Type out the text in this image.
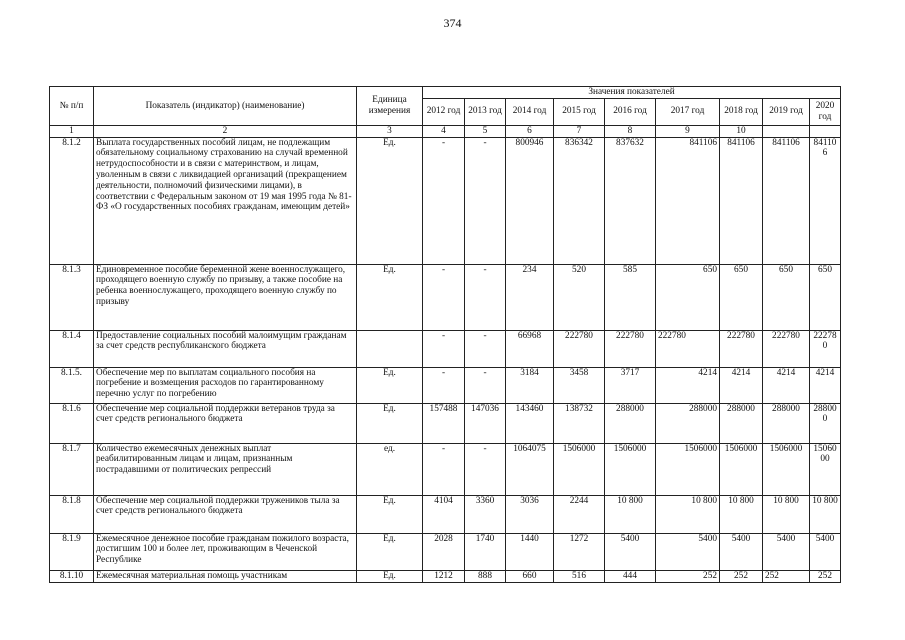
374
№ п/п	Показатель (индикатор) (наименование)	Единица измерения	Значения показателей								
			2012 год	2013 год	2014 год	2015 год	2016 год	2017 год	2018 год	2019 год	2020 год
1	2	3	4	5	6	7	8	9	10		
8.1.2	Выплата государственных пособий лицам, не подлежащим обязательному социальному страхованию на случай временной нетрудоспособности и в связи с материнством, и лицам, уволенным в связи с ликвидацией организаций (прекращением деятельности, полномочий физическими лицами), в соответствии с Федеральным законом от 19 мая 1995 года № 81-ФЗ «О государственных пособиях гражданам, имеющим детей»	Ед.	-	-	800946	836342	837632	841106	841106	841106	841106
8.1.3	Единовременное пособие беременной жене военнослужащего, проходящего военную службу по призыву, а также пособие на ребенка военнослужащего, проходящего военную службу по призыву	Ед.	-	-	234	520	585	650	650	650	650
8.1.4	Предоставление социальных пособий малоимущим гражданам за счет средств республиканского бюджета		-	-	66968	222780	222780	222780	222780	222780	222780
8.1.5.	Обеспечение мер по выплатам социального пособия на погребение и возмещения расходов по гарантированному перечню услуг по погребению	Ед.	-	-	3184	3458	3717	4214	4214	4214	4214
8.1.6	Обеспечение мер социальной поддержки ветеранов труда за счет средств регионального бюджета	Ед.	157488	147036	143460	138732	288000	288000	288000	288000	288000
8.1.7	Количество ежемесячных денежных выплат реабилитированным лицам и лицам, признанным пострадавшими от политических репрессий	ед.	-	-	1064075	1506000	1506000	1506000	1506000	1506000	1506000
8.1.8	Обеспечение мер социальной поддержки тружеников тыла за счет средств регионального бюджета	Ед.	4104	3360	3036	2244	10 800	10 800	10 800	10 800	10 800
8.1.9	Ежемесячное денежное пособие гражданам пожилого возраста, достигшим 100 и более лет, проживающим в Чеченской Республике	Ед.	2028	1740	1440	1272	5400	5400	5400	5400	5400
8.1.10	Ежемесячная материальная помощь участникам	Ед.	1212	888	660	516	444	252	252	252	252
